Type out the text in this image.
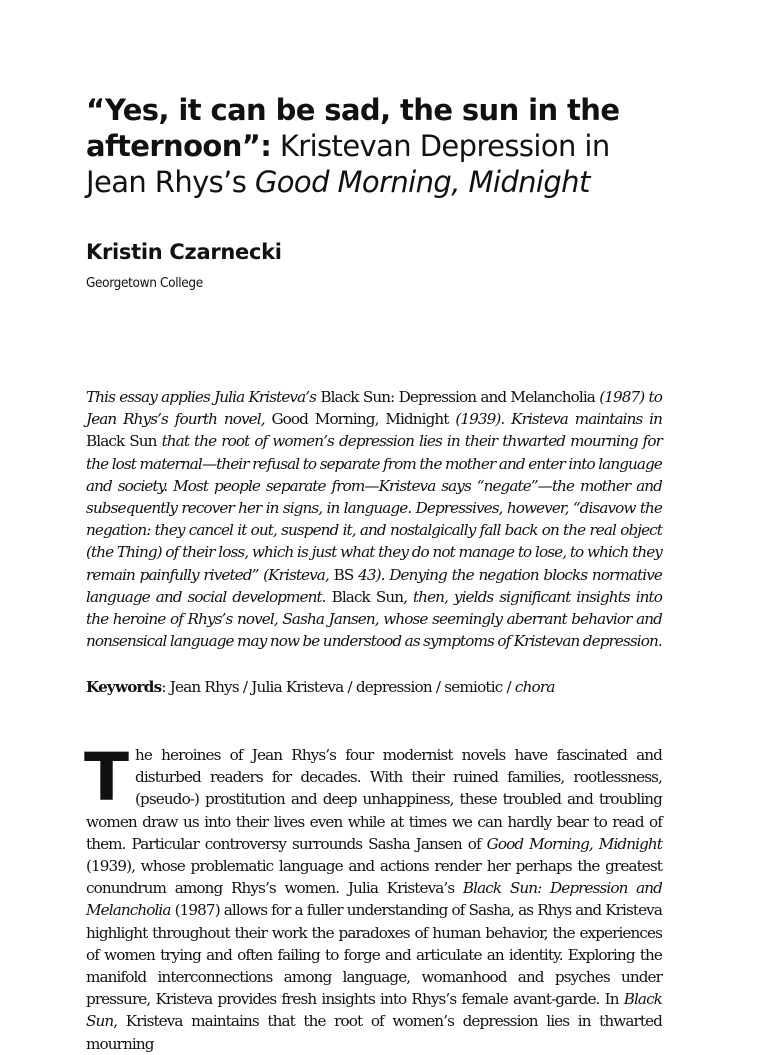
“Yes, it can be sad, the sun in the afternoon”: Kristevan Depression in Jean Rhys’s Good Morning, Midnight
Kristin Czarnecki
Georgetown College

This essay applies Julia Kristeva’s Black Sun: Depression and Melancholia (1987) to Jean Rhys’s fourth novel, Good Morning, Midnight (1939). Kristeva maintains in Black Sun that the root of women’s depression lies in their thwarted mourning for the lost maternal—their refusal to separate from the mother and enter into language and society. Most people separate from—Kristeva says “negate”—the mother and subsequently recover her in signs, in language. Depressives, however, “disavow the negation: they cancel it out, suspend it, and nostalgically fall back on the real object (the Thing) of their loss, which is just what they do not manage to lose, to which they remain painfully riveted” (Kristeva, BS 43). Denying the negation blocks normative language and social development. Black Sun, then, yields significant insights into the heroine of Rhys’s novel, Sasha Jansen, whose seemingly aberrant behavior and nonsensical language may now be understood as symptoms of Kristevan depression.

Keywords: Jean Rhys / Julia Kristeva / depression / semiotic / chora

The heroines of Jean Rhys’s four modernist novels have fascinated and disturbed readers for decades. With their ruined families, rootlessness, (pseudo-) prostitution and deep unhappiness, these troubled and troubling women draw us into their lives even while at times we can hardly bear to read of them. Particular controversy surrounds Sasha Jansen of Good Morning, Midnight (1939), whose problematic language and actions render her perhaps the greatest conundrum among Rhys’s women. Julia Kristeva’s Black Sun: Depression and Melancholia (1987) allows for a fuller understanding of Sasha, as Rhys and Kristeva highlight throughout their work the paradoxes of human behavior, the experiences of women trying and often failing to forge and articulate an identity. Exploring the manifold interconnections among language, womanhood and psyches under pressure, Kristeva provides fresh insights into Rhys’s female avant-garde. In Black Sun, Kristeva maintains that the root of women’s depression lies in thwarted mourning
